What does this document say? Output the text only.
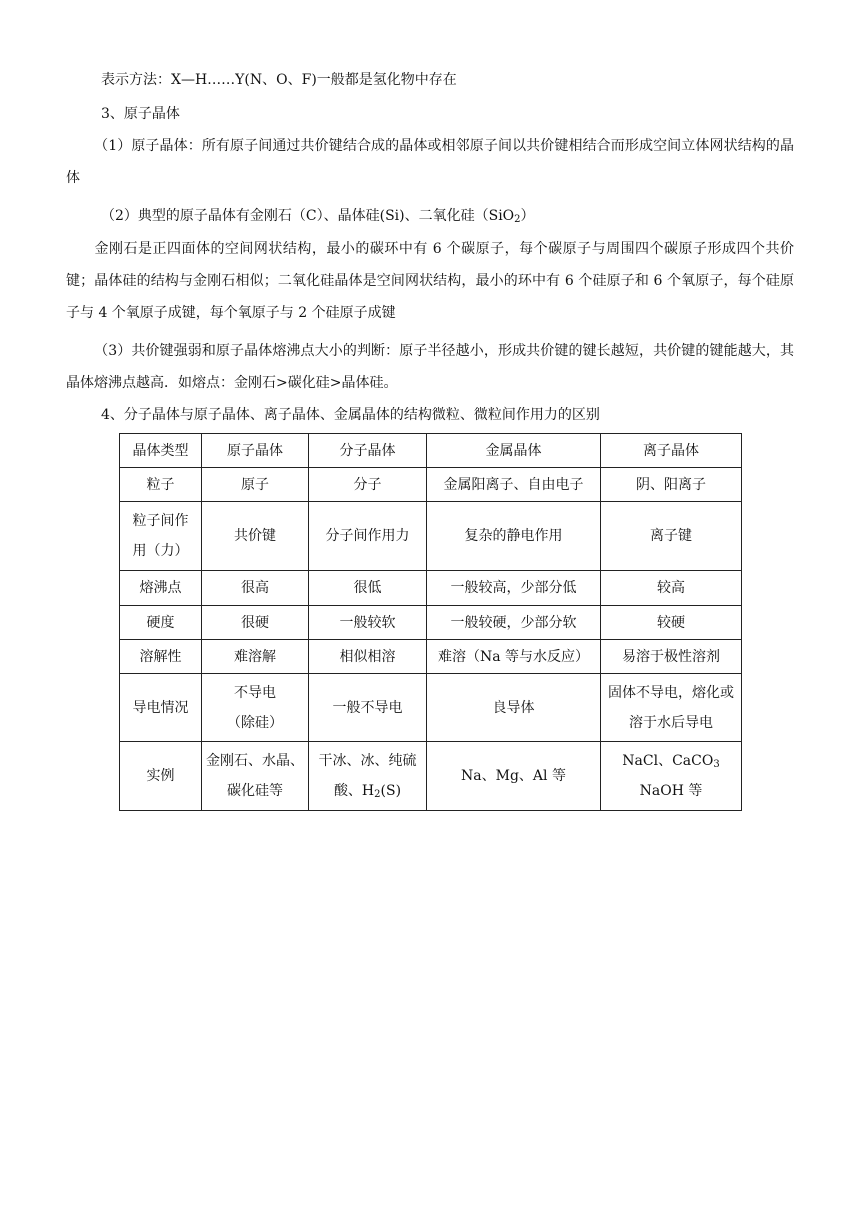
表示方法：X—H……Y(N、O、F)一般都是氢化物中存在
3、原子晶体
（1）原子晶体：所有原子间通过共价键结合成的晶体或相邻原子间以共价键相结合而形成空间立体网状结构的晶体
（2）典型的原子晶体有金刚石（C）、晶体硅(Si)、二氧化硅（SiO$_2$）
金刚石是正四面体的空间网状结构，最小的碳环中有 6 个碳原子，每个碳原子与周围四个碳原子形成四个共价键；晶体硅的结构与金刚石相似；二氧化硅晶体是空间网状结构，最小的环中有 6 个硅原子和 6 个氧原子，每个硅原子与 4 个氧原子成键，每个氧原子与 2 个硅原子成键
（3）共价键强弱和原子晶体熔沸点大小的判断：原子半径越小，形成共价键的键长越短，共价键的键能越大，其晶体熔沸点越高．如熔点：金刚石>碳化硅>晶体硅。
4、分子晶体与原子晶体、离子晶体、金属晶体的结构微粒、微粒间作用力的区别
晶体类型	原子晶体	分子晶体	金属晶体	离子晶体
粒子	原子	分子	金属阳离子、自由电子	阴、阳离子
粒子间作用（力）	共价键	分子间作用力	复杂的静电作用	离子键
熔沸点	很高	很低	一般较高，少部分低	较高
硬度	很硬	一般较软	一般较硬，少部分软	较硬
溶解性	难溶解	相似相溶	难溶（Na 等与水反应）	易溶于极性溶剂
导电情况	不导电（除硅）	一般不导电	良导体	固体不导电，熔化或溶于水后导电
实例	金刚石、水晶、碳化硅等	干冰、冰、纯硫酸、$H_2(S)$	Na、Mg、Al 等	NaCl、CaCO$_3$
NaOH 等
